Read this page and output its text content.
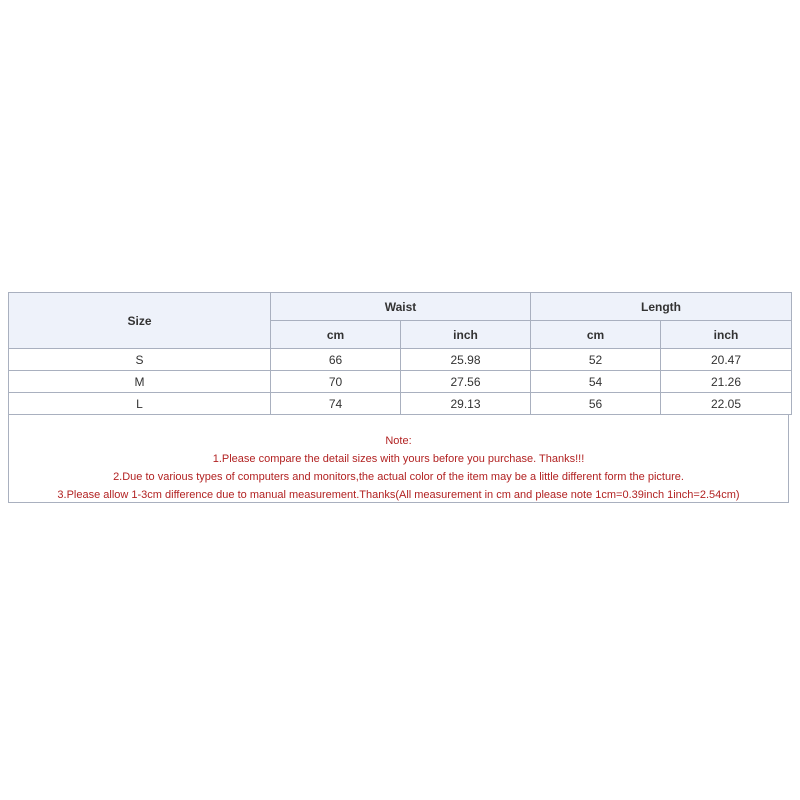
Size	Waist		Length	
	cm	inch	cm	inch
S	66	25.98	52	20.47
M	70	27.56	54	21.26
L	74	29.13	56	22.05
Note:
1.Please compare the detail sizes with yours before you purchase. Thanks!!!
2.Due to various types of computers and monitors,the actual color of the item may be a little different form the picture.
3.Please allow 1-3cm difference due to manual measurement.Thanks(All measurement in cm and please note 1cm=0.39inch 1inch=2.54cm)
